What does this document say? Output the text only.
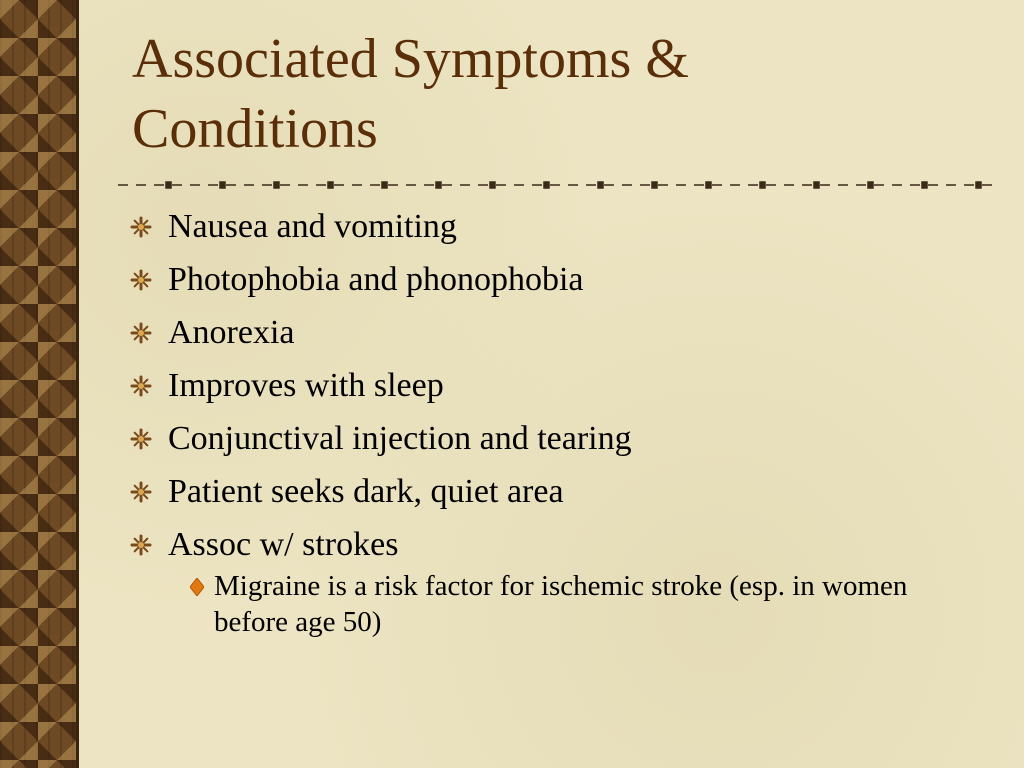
Associated Symptoms &
Conditions
Nausea and vomiting
Photophobia and phonophobia
Anorexia
Improves with sleep
Conjunctival injection and tearing
Patient seeks dark, quiet area
Assoc w/ strokes
Migraine is a risk factor for ischemic stroke (esp. in women before age 50)
